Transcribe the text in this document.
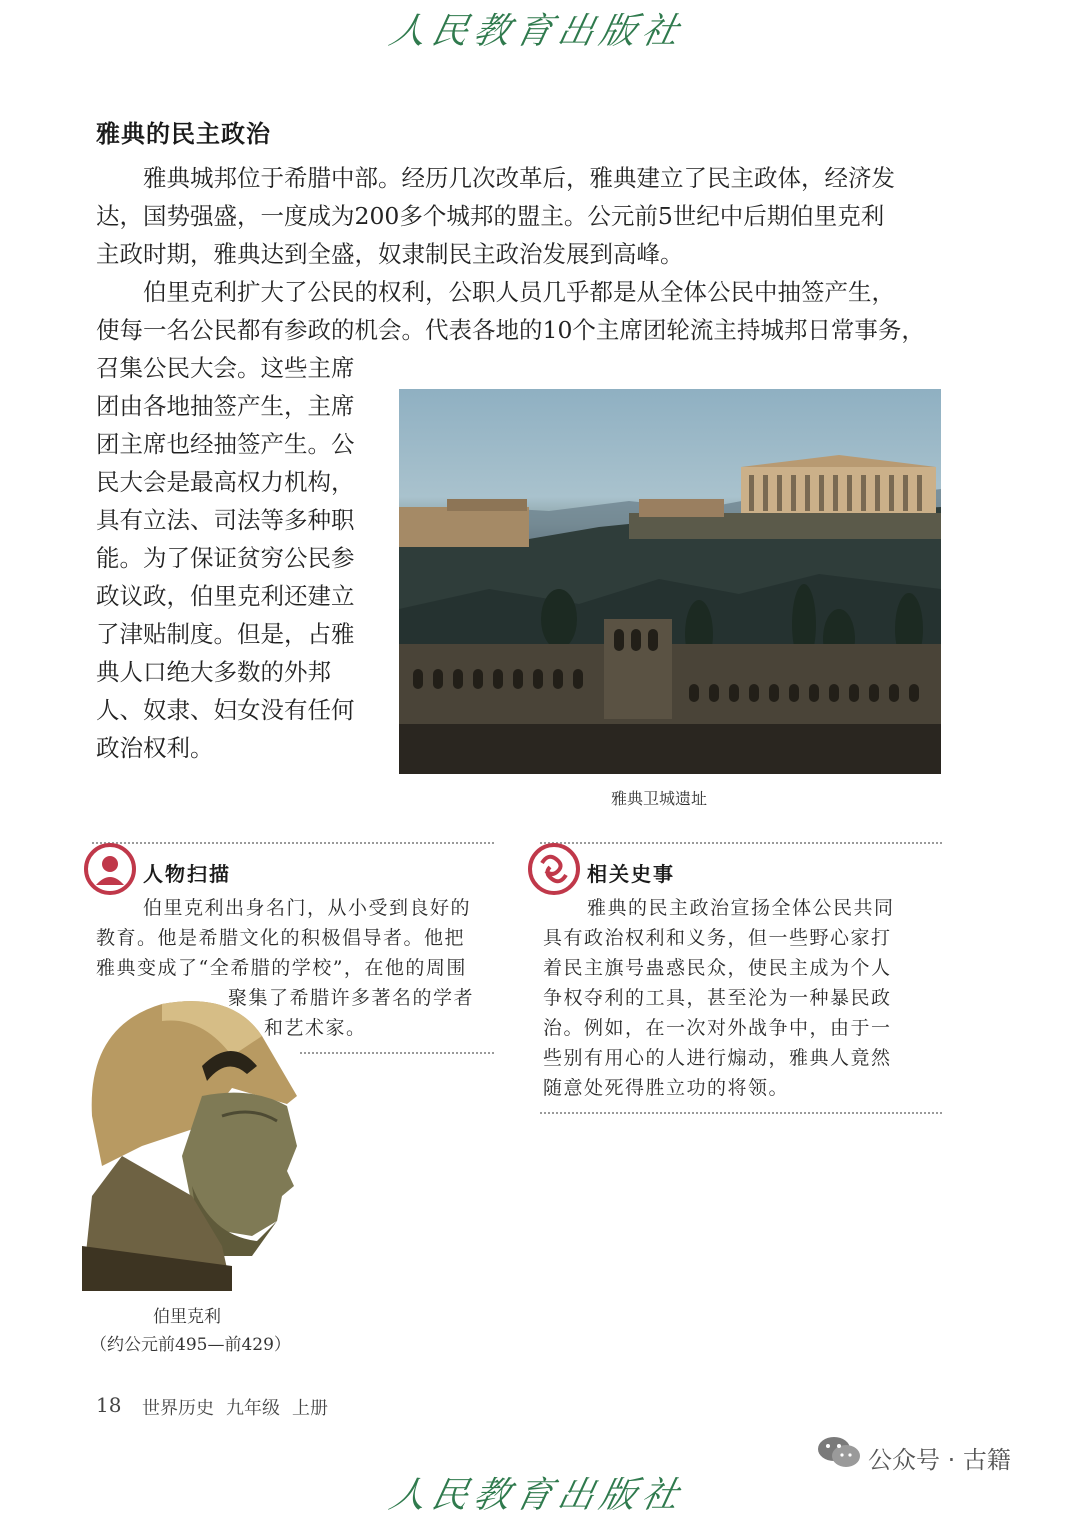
人民教育出版社
雅典的民主政治
雅典城邦位于希腊中部。经历几次改革后，雅典建立了民主政体，经济发
达，国势强盛，一度成为200多个城邦的盟主。公元前5世纪中后期伯里克利
主政时期，雅典达到全盛，奴隶制民主政治发展到高峰。
伯里克利扩大了公民的权利，公职人员几乎都是从全体公民中抽签产生，
使每一名公民都有参政的机会。代表各地的10个主席团轮流主持城邦日常事务，
召集公民大会。这些主席
团由各地抽签产生，主席
团主席也经抽签产生。公
民大会是最高权力机构，
具有立法、司法等多种职
能。为了保证贫穷公民参
政议政，伯里克利还建立
了津贴制度。但是，占雅
典人口绝大多数的外邦
人、奴隶、妇女没有任何
政治权利。
雅典卫城遗址
人物扫描
伯里克利出身名门，从小受到良好的
教育。他是希腊文化的积极倡导者。他把
雅典变成了“全希腊的学校”，在他的周围
聚集了希腊许多著名的学者
和艺术家。
伯里克利
（约公元前495—前429）
相关史事
雅典的民主政治宣扬全体公民共同
具有政治权利和义务，但一些野心家打
着民主旗号蛊惑民众，使民主成为个人
争权夺利的工具，甚至沦为一种暴民政
治。例如，在一次对外战争中，由于一
些别有用心的人进行煽动，雅典人竟然
随意处死得胜立功的将领。
18 世界历史 九年级 上册
公众号 · 古籍
人民教育出版社
